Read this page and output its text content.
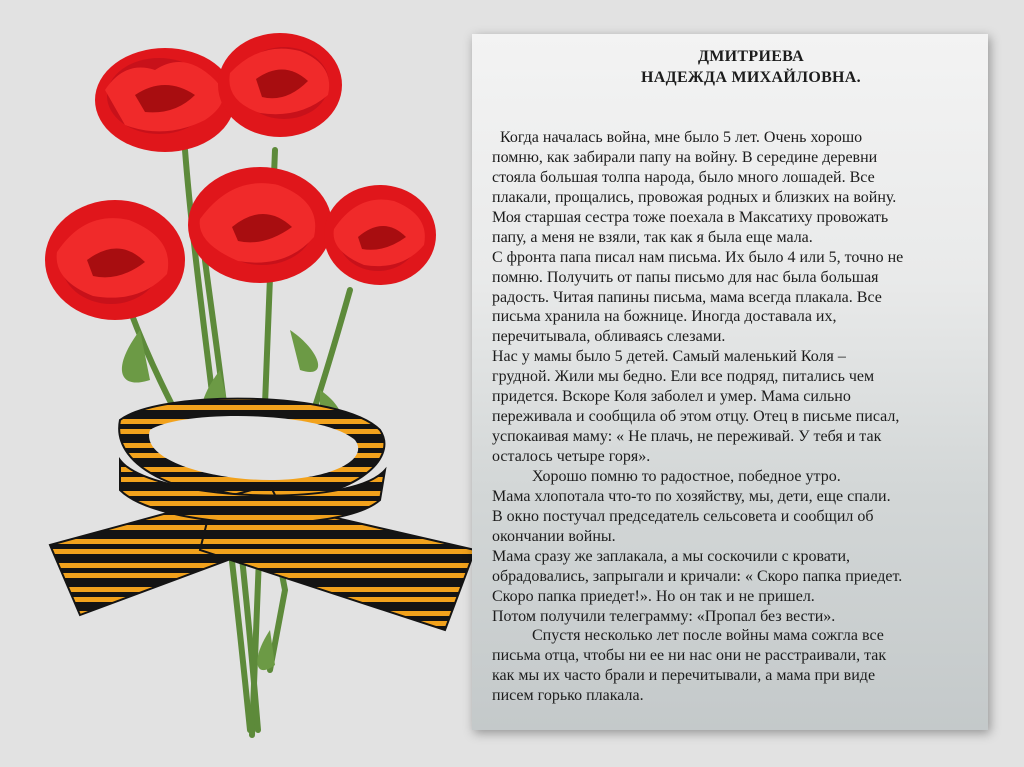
ДМИТРИЕВА
НАДЕЖДА МИХАЙЛОВНА.
Когда началась война, мне было 5 лет. Очень хорошо
помню, как забирали папу на войну. В середине деревни
стояла большая толпа народа, было много лошадей. Все
плакали, прощались, провожая родных и близких на войну.
Моя старшая сестра тоже поехала в Максатиху провожать
папу, а меня не взяли, так как я была еще мала.
С фронта папа писал нам письма. Их было 4 или 5, точно не
помню. Получить от папы письмо для нас была большая
радость. Читая папины письма, мама всегда плакала. Все
письма хранила на божнице. Иногда доставала их,
перечитывала, обливаясь слезами.
Нас у мамы было 5 детей. Самый маленький Коля –
грудной. Жили мы бедно. Ели все подряд, питались чем
придется. Вскоре Коля заболел и умер. Мама сильно
переживала и сообщила об этом отцу. Отец в письме писал,
успокаивая маму: « Не плачь, не переживай. У тебя и так
осталось четыре горя».
Хорошо помню то радостное, победное утро.
Мама хлопотала что-то по хозяйству, мы, дети, еще спали.
В окно постучал председатель сельсовета и сообщил об
окончании войны.
Мама сразу же заплакала, а мы соскочили с кровати,
обрадовались, запрыгали и кричали: « Скоро папка приедет.
Скоро папка приедет!». Но он так и не пришел.
Потом получили телеграмму: «Пропал без вести».
Спустя несколько лет после войны мама сожгла все
письма отца, чтобы ни ее ни нас они не расстраивали, так
как мы их часто брали и перечитывали, а мама при виде
писем горько плакала.
